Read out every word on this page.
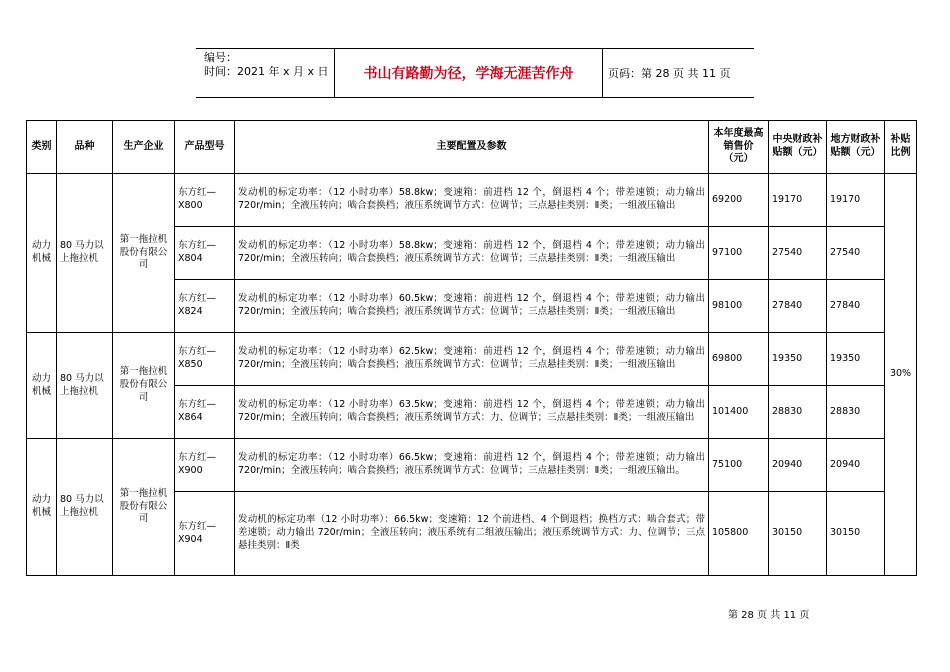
编号：
时间：2021 年 x 月 x 日	书山有路勤为径，学海无涯苦作舟	页码：第 28 页 共 11 页
类别	品种	生产企业	产品型号	主要配置及参数	本年度最高销售价（元）	中央财政补贴额（元）	地方财政补贴额（元）	补贴比例
动力机械	80 马力以上拖拉机	第一拖拉机股份有限公司	东方红—X800	发动机的标定功率：（12 小时功率）58.8kw；变速箱：前进档 12 个，倒退档 4 个；带差速锁；动力输出 720r/min；全液压转向；啮合套换档；液压系统调节方式：位调节；三点悬挂类别：Ⅱ类；一组液压输出	69200	19170	19170	30%
			东方红—X804	发动机的标定功率：（12 小时功率）58.8kw；变速箱：前进档 12 个，倒退档 4 个；带差速锁；动力输出 720r/min；全液压转向；啮合套换档；液压系统调节方式：位调节；三点悬挂类别：Ⅱ类；一组液压输出	97100	27540	27540	
			东方红—X824	发动机的标定功率：（12 小时功率）60.5kw；变速箱：前进档 12 个，倒退档 4 个；带差速锁；动力输出 720r/min；全液压转向；啮合套换档；液压系统调节方式：位调节；三点悬挂类别：Ⅱ类；一组液压输出	98100	27840	27840	
动力机械	80 马力以上拖拉机	第一拖拉机股份有限公司	东方红—X850	发动机的标定功率：（12 小时功率）62.5kw；变速箱：前进档 12 个，倒退档 4 个；带差速锁；动力输出 720r/min；全液压转向；啮合套换档；液压系统调节方式：位调节；三点悬挂类别：Ⅱ类；一组液压输出	69800	19350	19350	
			东方红—X864	发动机的标定功率：（12 小时功率）63.5kw；变速箱：前进档 12 个，倒退档 4 个；带差速锁；动力输出 720r/min；全液压转向；啮合套换档；液压系统调节方式：力、位调节；三点悬挂类别：Ⅱ类；一组液压输出	101400	28830	28830	
动力机械	80 马力以上拖拉机	第一拖拉机股份有限公司	东方红—X900	发动机的标定功率：（12 小时功率）66.5kw；变速箱：前进档 12 个，倒退档 4 个；带差速锁；动力输出 720r/min；全液压转向；啮合套换档；液压系统调节方式：位调节；三点悬挂类别：Ⅱ类；一组液压输出。	75100	20940	20940	
			东方红—X904	发动机的标定功率（12 小时功率）：66.5kw；变速箱：12 个前进档、4 个倒退档；换档方式：啮合套式；带差速锁；动力输出 720r/min；全液压转向；液压系统有二组液压输出；液压系统调节方式：力、位调节；三点悬挂类别：Ⅱ类	105800	30150	30150	
第 28 页 共 11 页
